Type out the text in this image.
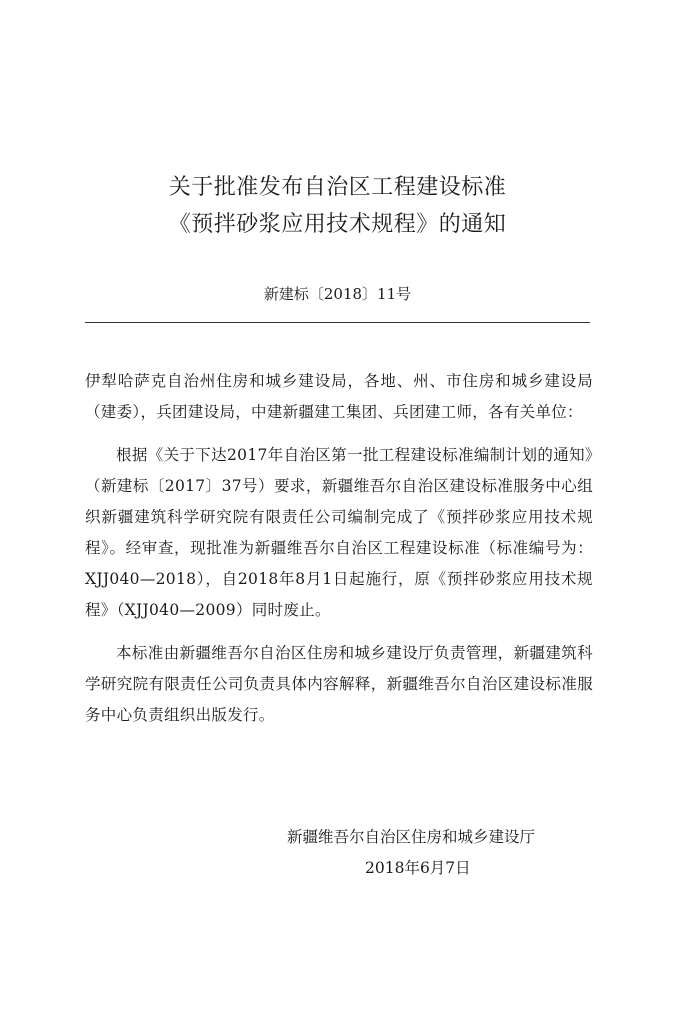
关于批准发布自治区工程建设标准
《预拌砂浆应用技术规程》的通知
新建标〔2018〕11号

伊犁哈萨克自治州住房和城乡建设局，各地、州、市住房和城乡建设局（建委），兵团建设局，中建新疆建工集团、兵团建工师，各有关单位：

根据《关于下达2017年自治区第一批工程建设标准编制计划的通知》（新建标〔2017〕37号）要求，新疆维吾尔自治区建设标准服务中心组织新疆建筑科学研究院有限责任公司编制完成了《预拌砂浆应用技术规程》。经审查，现批准为新疆维吾尔自治区工程建设标准（标准编号为：XJJ040—2018），自2018年8月1日起施行，原《预拌砂浆应用技术规程》（XJJ040—2009）同时废止。

本标准由新疆维吾尔自治区住房和城乡建设厅负责管理，新疆建筑科学研究院有限责任公司负责具体内容解释，新疆维吾尔自治区建设标准服务中心负责组织出版发行。

新疆维吾尔自治区住房和城乡建设厅
2018年6月7日
